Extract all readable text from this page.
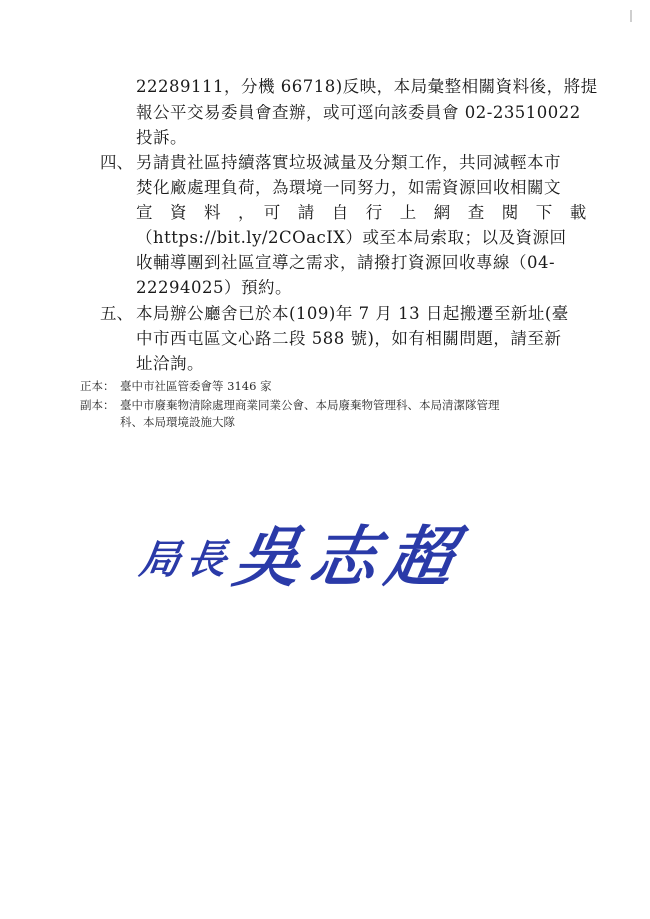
22289111，分機 66718)反映，本局彙整相關資料後，將提
報公平交易委員會查辦，或可逕向該委員會 02-23510022
投訴。
四、 另請貴社區持續落實垃圾減量及分類工作，共同減輕本市
焚化廠處理負荷，為環境一同努力，如需資源回收相關文
宣　資　料　，　可　請　自　行　上　網　查　閱　下　載
（https://bit.ly/2COacIX）或至本局索取；以及資源回
收輔導團到社區宣導之需求，請撥打資源回收專線（04-
22294025）預約。
五、 本局辦公廳舍已於本(109)年 7 月 13 日起搬遷至新址(臺
中市西屯區文心路二段 588 號)，如有相關問題，請至新
址洽詢。
正本： 臺中市社區管委會等 3146 家
副本： 臺中市廢棄物清除處理商業同業公會、本局廢棄物管理科、本局清潔隊管理
科、本局環境設施大隊
局長
吳志超
